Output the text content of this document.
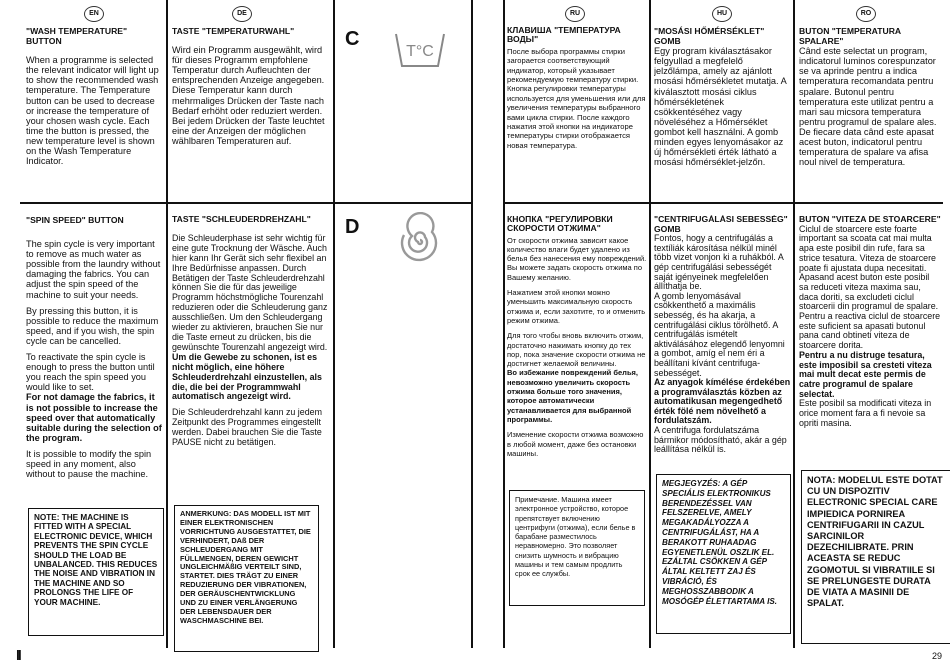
EN	DE	RU	HU	RO
"WASH TEMPERATURE" BUTTON

When a programme is selected the relevant indicator will light up to show the recommended wash temperature. The Temperature button can be used to decrease or increase the temperature of your chosen wash cycle. Each time the button is pressed, the new temperature level is shown on the Wash Temperature Indicator.

TASTE "TEMPERATURWAHL"

Wird ein Programm ausgewählt, wird für dieses Programm empfohlene Temperatur durch Aufleuchten der entsprechenden Anzeige angegeben. Diese Temperatur kann durch mehrmaliges Drücken der Taste nach Bedarf erhöht oder reduziert werden. Bei jedem Drücken der Taste leuchtet eine der Anzeigen der möglichen wählbaren Temperaturen auf.

C
T°C
КЛАВИША "ТЕМПЕРАТУРА ВОДЫ"

После выбора программы стирки загорается соответствующий индикатор, который указывает рекомендуемую температуру стирки. Кнопка регулировки температуры используется для уменьшения или для увеличения температуры выбранного вами цикла стирки. После каждого нажатия этой кнопки на индикаторе температуры стирки отображается новая температура.

"MOSÁSI HŐMÉRSÉKLET" GOMB

Egy program kiválasztásakor felgyullad a megfelelő jelzőlámpa, amely az ajánlott mosási hőmérsékletet mutatja. A kiválasztott mosási ciklus hőmérsékletének csökkentéséhez vagy növeléséhez a Hőmérséklet gombot kell használni. A gomb minden egyes lenyomásakor az új hőmérsékleti érték látható a mosási hőmérséklet-jelzőn.

BUTON "TEMPERATURA SPALARE"

Când este selectat un program, indicatorul luminos corespunzator se va aprinde pentru a indica temperatura recomandata pentru spalare. Butonul pentru temperatura este utilizat pentru a mari sau micsora temperatura pentru programul de spalare ales. De fiecare data când este apasat acest buton, indicatorul pentru temperatura de spalare va afisa noul nivel de temperatura.

"SPIN SPEED" BUTTON

The spin cycle is very important to remove as much water as possible from the laundry without damaging the fabrics. You can adjust the spin speed of the machine to suit your needs.

By pressing this button, it is possible to reduce the maximum speed, and if you wish, the spin cycle can be cancelled.

To reactivate the spin cycle is enough to press the button until you reach the spin speed you would like to set.

For not damage the fabrics, it is not possible to increase the speed over that automatically suitable during the selection of the program.

It is possible to modify the spin speed in any moment, also without to pause the machine.

NOTE: THE MACHINE IS FITTED WITH A SPECIAL ELECTRONIC DEVICE, WHICH PREVENTS THE SPIN CYCLE SHOULD THE LOAD BE UNBALANCED. THIS REDUCES THE NOISE AND VIBRATION IN THE MACHINE AND SO PROLONGS THE LIFE OF YOUR MACHINE.
TASTE "SCHLEUDERDREHZAHL"

Die Schleuderphase ist sehr wichtig für eine gute Trocknung der Wäsche. Auch hier kann Ihr Gerät sich sehr flexibel an Ihre Bedürfnisse anpassen. Durch Betätigen der Taste Schleuderdrehzahl können Sie die für das jeweilige Programm höchstmögliche Tourenzahl reduzieren oder die Schleuderung ganz ausschließen. Um den Schleudergang wieder zu aktivieren, brauchen Sie nur die Taste erneut zu drücken, bis die gewünschte Tourenzahl angezeigt wird.

Um die Gewebe zu schonen, ist es nicht möglich, eine höhere Schleuderdrehzahl einzustellen, als die, die bei der Programmwahl automatisch angezeigt wird.

Die Schleuderdrehzahl kann zu jedem Zeitpunkt des Programmes eingestellt werden. Dabei brauchen Sie die Taste PAUSE nicht zu betätigen.

ANMERKUNG: DAS MODELL IST MIT EINER ELEKTRONISCHEN VORRICHTUNG AUSGESTATTET, DIE VERHINDERT, DAß DER SCHLEUDERGANG MIT FÜLLMENGEN, DEREN GEWICHT UNGLEICHMÄßIG VERTEILT SIND, STARTET. DIES TRÄGT ZU EINER REDUZIERUNG DER VIBRATIONEN, DER GERÄUSCHENTWICKLUNG UND ZU EINER VERLÄNGERUNG DER LEBENSDAUER DER WASCHMASCHINE BEI.
D	КНОПКА "РЕГУЛИРОВКИ СКОРОСТИ ОТЖИМА"

От скорости отжима зависит какое количество влаги будет удалено из белья без нанесения ему повреждений. Вы можете задать скорость отжима по Вашему желанию.

Нажатием этой кнопки можно уменьшить максимальную скорость отжима и, если захотите, то и отменить режим отжима.

Для того чтобы вновь включить отжим, достаточно нажимать кнопку до тех пор, пока значение скорости отжима не достигнет желаемой величины.

Во избежание повреждений белья, невозможно увеличить скорость отжима больше того значения, которое автоматически устанавливается для выбранной программы.

Изменение скорости отжима возможно в любой момент, даже без остановки машины.

Примечание. Машина имеет электронное устройство, которое препятствует включению центрифуги (отжима), если белье в барабане разместилось неравномерно. Это позволяет снизить шумность и вибрацию машины и тем самым продлить срок ее службы.
"CENTRIFUGÁLÁSI SEBESSÉG" GOMB

Fontos, hogy a centrifugálás a textíliák károsítása nélkül minél több vizet vonjon ki a ruhákból. A gép centrifugálási sebességét saját igényeinek megfelelően állíthatja be.

A gomb lenyomásával csökkenthető a maximális sebesség, és ha akarja, a centrifugálási ciklus törölhető. A centrifugálás ismételt aktiválásához elegendő lenyomni a gombot, amíg el nem éri a beállítani kívánt centrifuga-sebességet.

Az anyagok kímélése érdekében a programválasztás közben az automatikusan megengedhető érték fölé nem növelhető a fordulatszám.

A centrifuga fordulatszáma bármikor módosítható, akár a gép leállítása nélkül is.

MEGJEGYZÉS: A GÉP SPECIÁLIS ELEKTRONIKUS BERENDEZÉSSEL VAN FELSZERELVE, AMELY MEGAKADÁLYOZZA A CENTRIFUGÁLÁST, HA A BERAKOTT RUHAADAG EGYENETLENÜL OSZLIK EL. EZÁLTAL CSÖKKEN A GÉP ÁLTAL KELTETT ZAJ ÉS VIBRÁCIÓ, ÉS MEGHOSSZABBODIK A MOSÓGÉP ÉLETTARTAMA IS.
BUTON "VITEZA DE STOARCERE"

Ciclul de stoarcere este foarte important sa scoata cat mai multa apa este posibil din rufe, fara sa strice tesatura. Viteza de stoarcere poate fi ajustata dupa necesitati. Apasand acest buton este posibil sa reduceti viteza maxima sau, daca doriti, sa excludeti ciclul stoarcerii din programul de spalare. Pentru a reactiva ciclul de stoarcere este suficient sa apasati butonul pana cand obtineti viteza de stoarcere dorita.

Pentru a nu distruge tesatura, este imposibil sa cresteti viteza mai mult decat este permis de catre programul de spalare selectat.

Este posibil sa modificati viteza in orice moment fara a fi nevoie sa opriti masina.

NOTA: MODELUL ESTE DOTAT CU UN DISPOZITIV ELECTRONIC SPECIAL CARE IMPIEDICA PORNIREA CENTRIFUGARII IN CAZUL SARCINILOR DEZECHILIBRATE. PRIN ACEASTA SE REDUC ZGOMOTUL SI VIBRATIILE SI SE PRELUNGESTE DURATA DE VIATA A MASINII DE SPALAT.
ll	29
